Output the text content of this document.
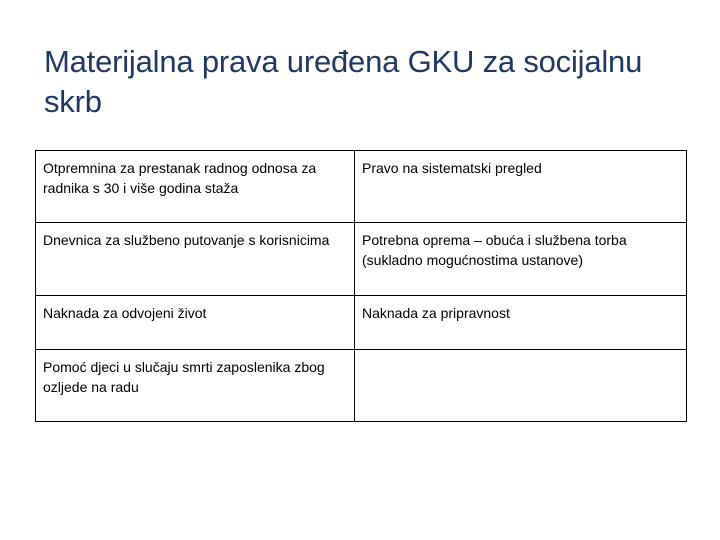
Materijalna prava uređena GKU za socijalnu skrb
Otpremnina za prestanak radnog odnosa za radnika s 30 i više godina staža	Pravo na sistematski pregled
Dnevnica za službeno putovanje s korisnicima	Potrebna oprema – obuća i službena torba (sukladno mogućnostima ustanove)
Naknada za odvojeni život	Naknada za pripravnost
Pomoć djeci u slučaju smrti zaposlenika zbog ozljede na radu	
